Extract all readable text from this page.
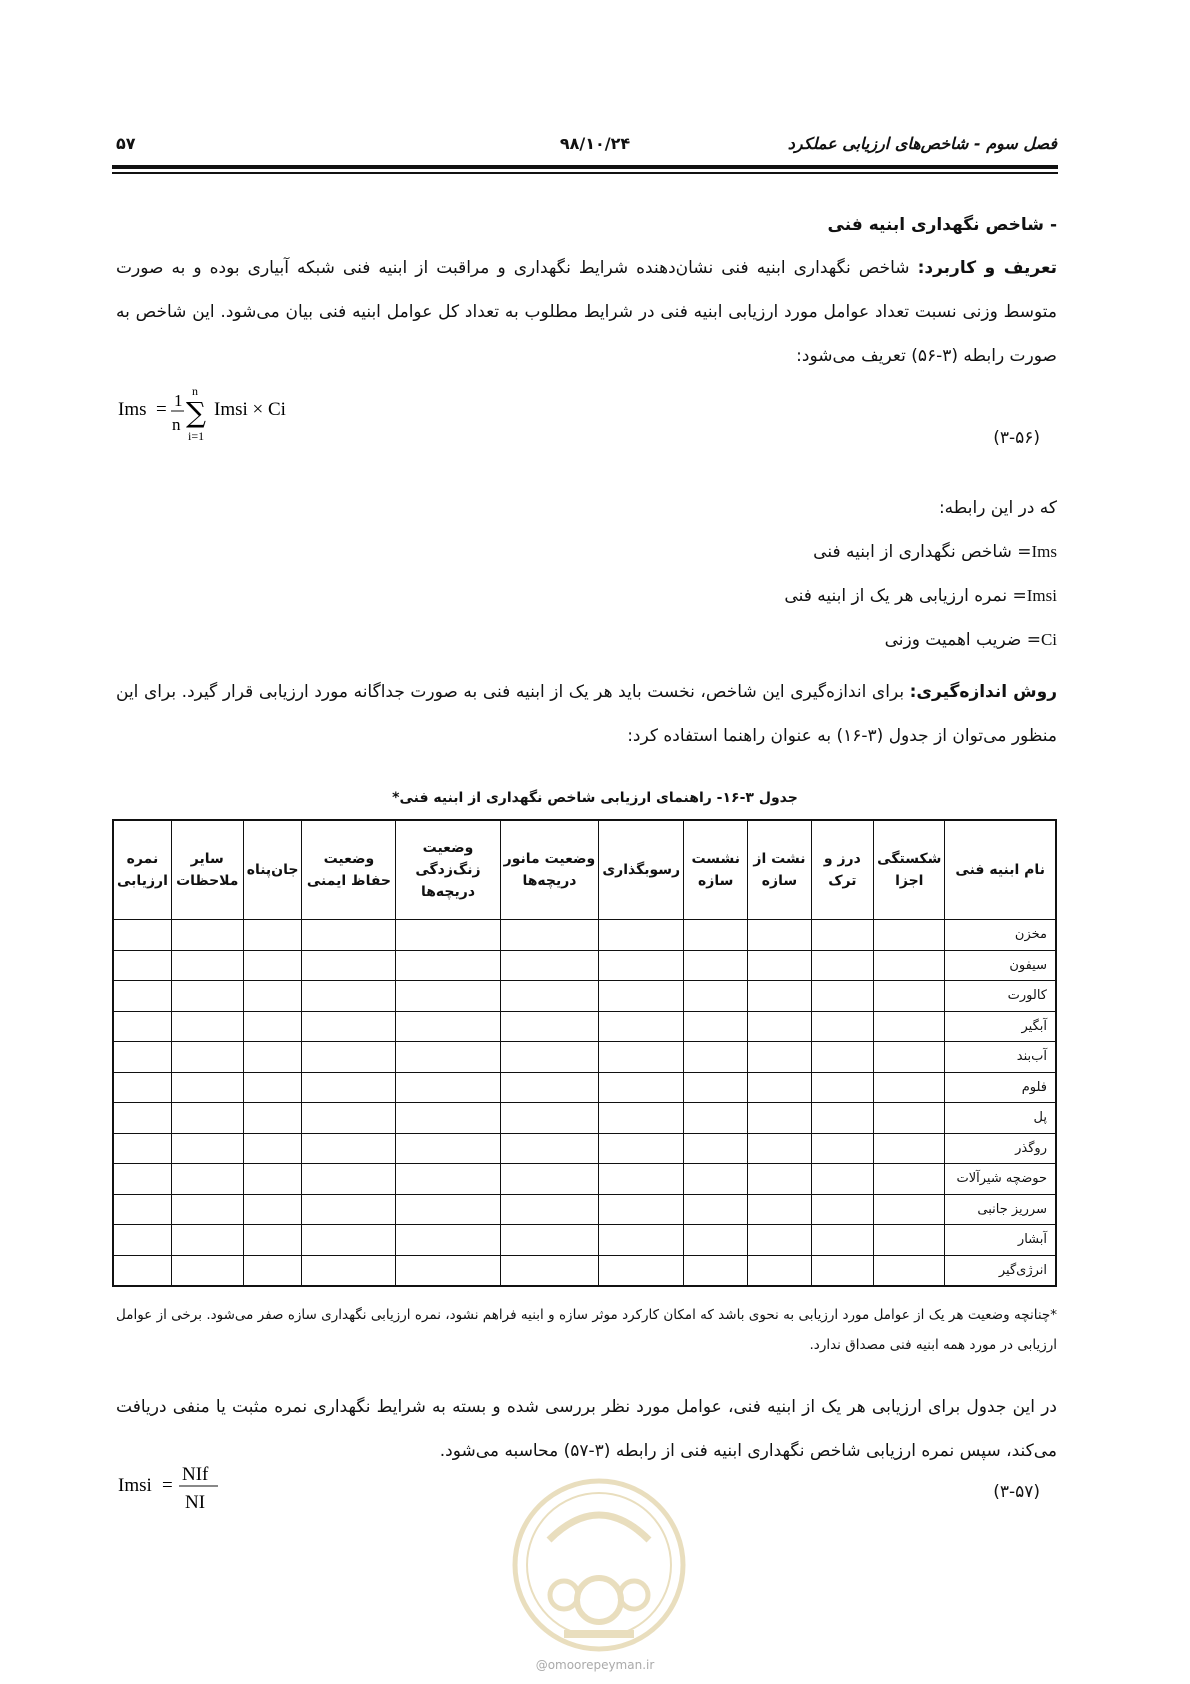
فصل سوم - شاخص‌های ارزیابی عملکرد
۹۸/۱۰/۲۴
۵۷
- شاخص نگهداری ابنیه فنی
تعریف و کاربرد: شاخص نگهداری ابنیه فنی نشان‌دهنده شرایط نگهداری و مراقبت از ابنیه فنی شبکه آبیاری بوده و به صورت متوسط وزنی نسبت تعداد عوامل مورد ارزیابی ابنیه فنی در شرایط مطلوب به تعداد کل عوامل ابنیه فنی بیان می‌شود. این شاخص به صورت رابطه (۳-۵۶) تعریف می‌شود:
Ims = 1
n
n
∑
i=1
Imsi × Ci
(۳-۵۶)
که در این رابطه:
Ims= شاخص نگهداری از ابنیه فنی
Imsi= نمره ارزیابی هر یک از ابنیه فنی
Ci= ضریب اهمیت وزنی
روش اندازه‌گیری: برای اندازه‌گیری این شاخص، نخست باید هر یک از ابنیه فنی به صورت جداگانه مورد ارزیابی قرار گیرد. برای این منظور می‌توان از جدول (۳-۱۶) به عنوان راهنما استفاده کرد:
جدول ۳-۱۶- راهنمای ارزیابی شاخص نگهداری از ابنیه فنی*
نام ابنیه فنی	شکستگی اجزا	درز و ترک	نشت از سازه	نشست سازه	رسوبگذاری	وضعیت مانور دریچه‌ها	وضعیت زنگ‌زدگی دریچه‌ها	وضعیت حفاظ ایمنی	جان‌پناه	سایر ملاحظات	نمره ارزیابی
مخزن											
سیفون											
کالورت											
آبگیر											
آب‌بند											
فلوم											
پل											
روگذر											
حوضچه شیرآلات											
سرریز جانبی											
آبشار											
انرژی‌گیر											
*چنانچه وضعیت هر یک از عوامل مورد ارزیابی به نحوی باشد که امکان کارکرد موثر سازه و ابنیه فراهم نشود، نمره ارزیابی نگهداری سازه صفر می‌شود. برخی از عوامل ارزیابی در مورد همه ابنیه فنی مصداق ندارد.
در این جدول برای ارزیابی هر یک از ابنیه فنی، عوامل مورد نظر بررسی شده و بسته به شرایط نگهداری نمره مثبت یا منفی دریافت می‌کند، سپس نمره ارزیابی شاخص نگهداری ابنیه فنی از رابطه (۳-۵۷) محاسبه می‌شود.
Imsi =
NIf
NI	(۳-۵۷)
@omoorepeyman.ir
